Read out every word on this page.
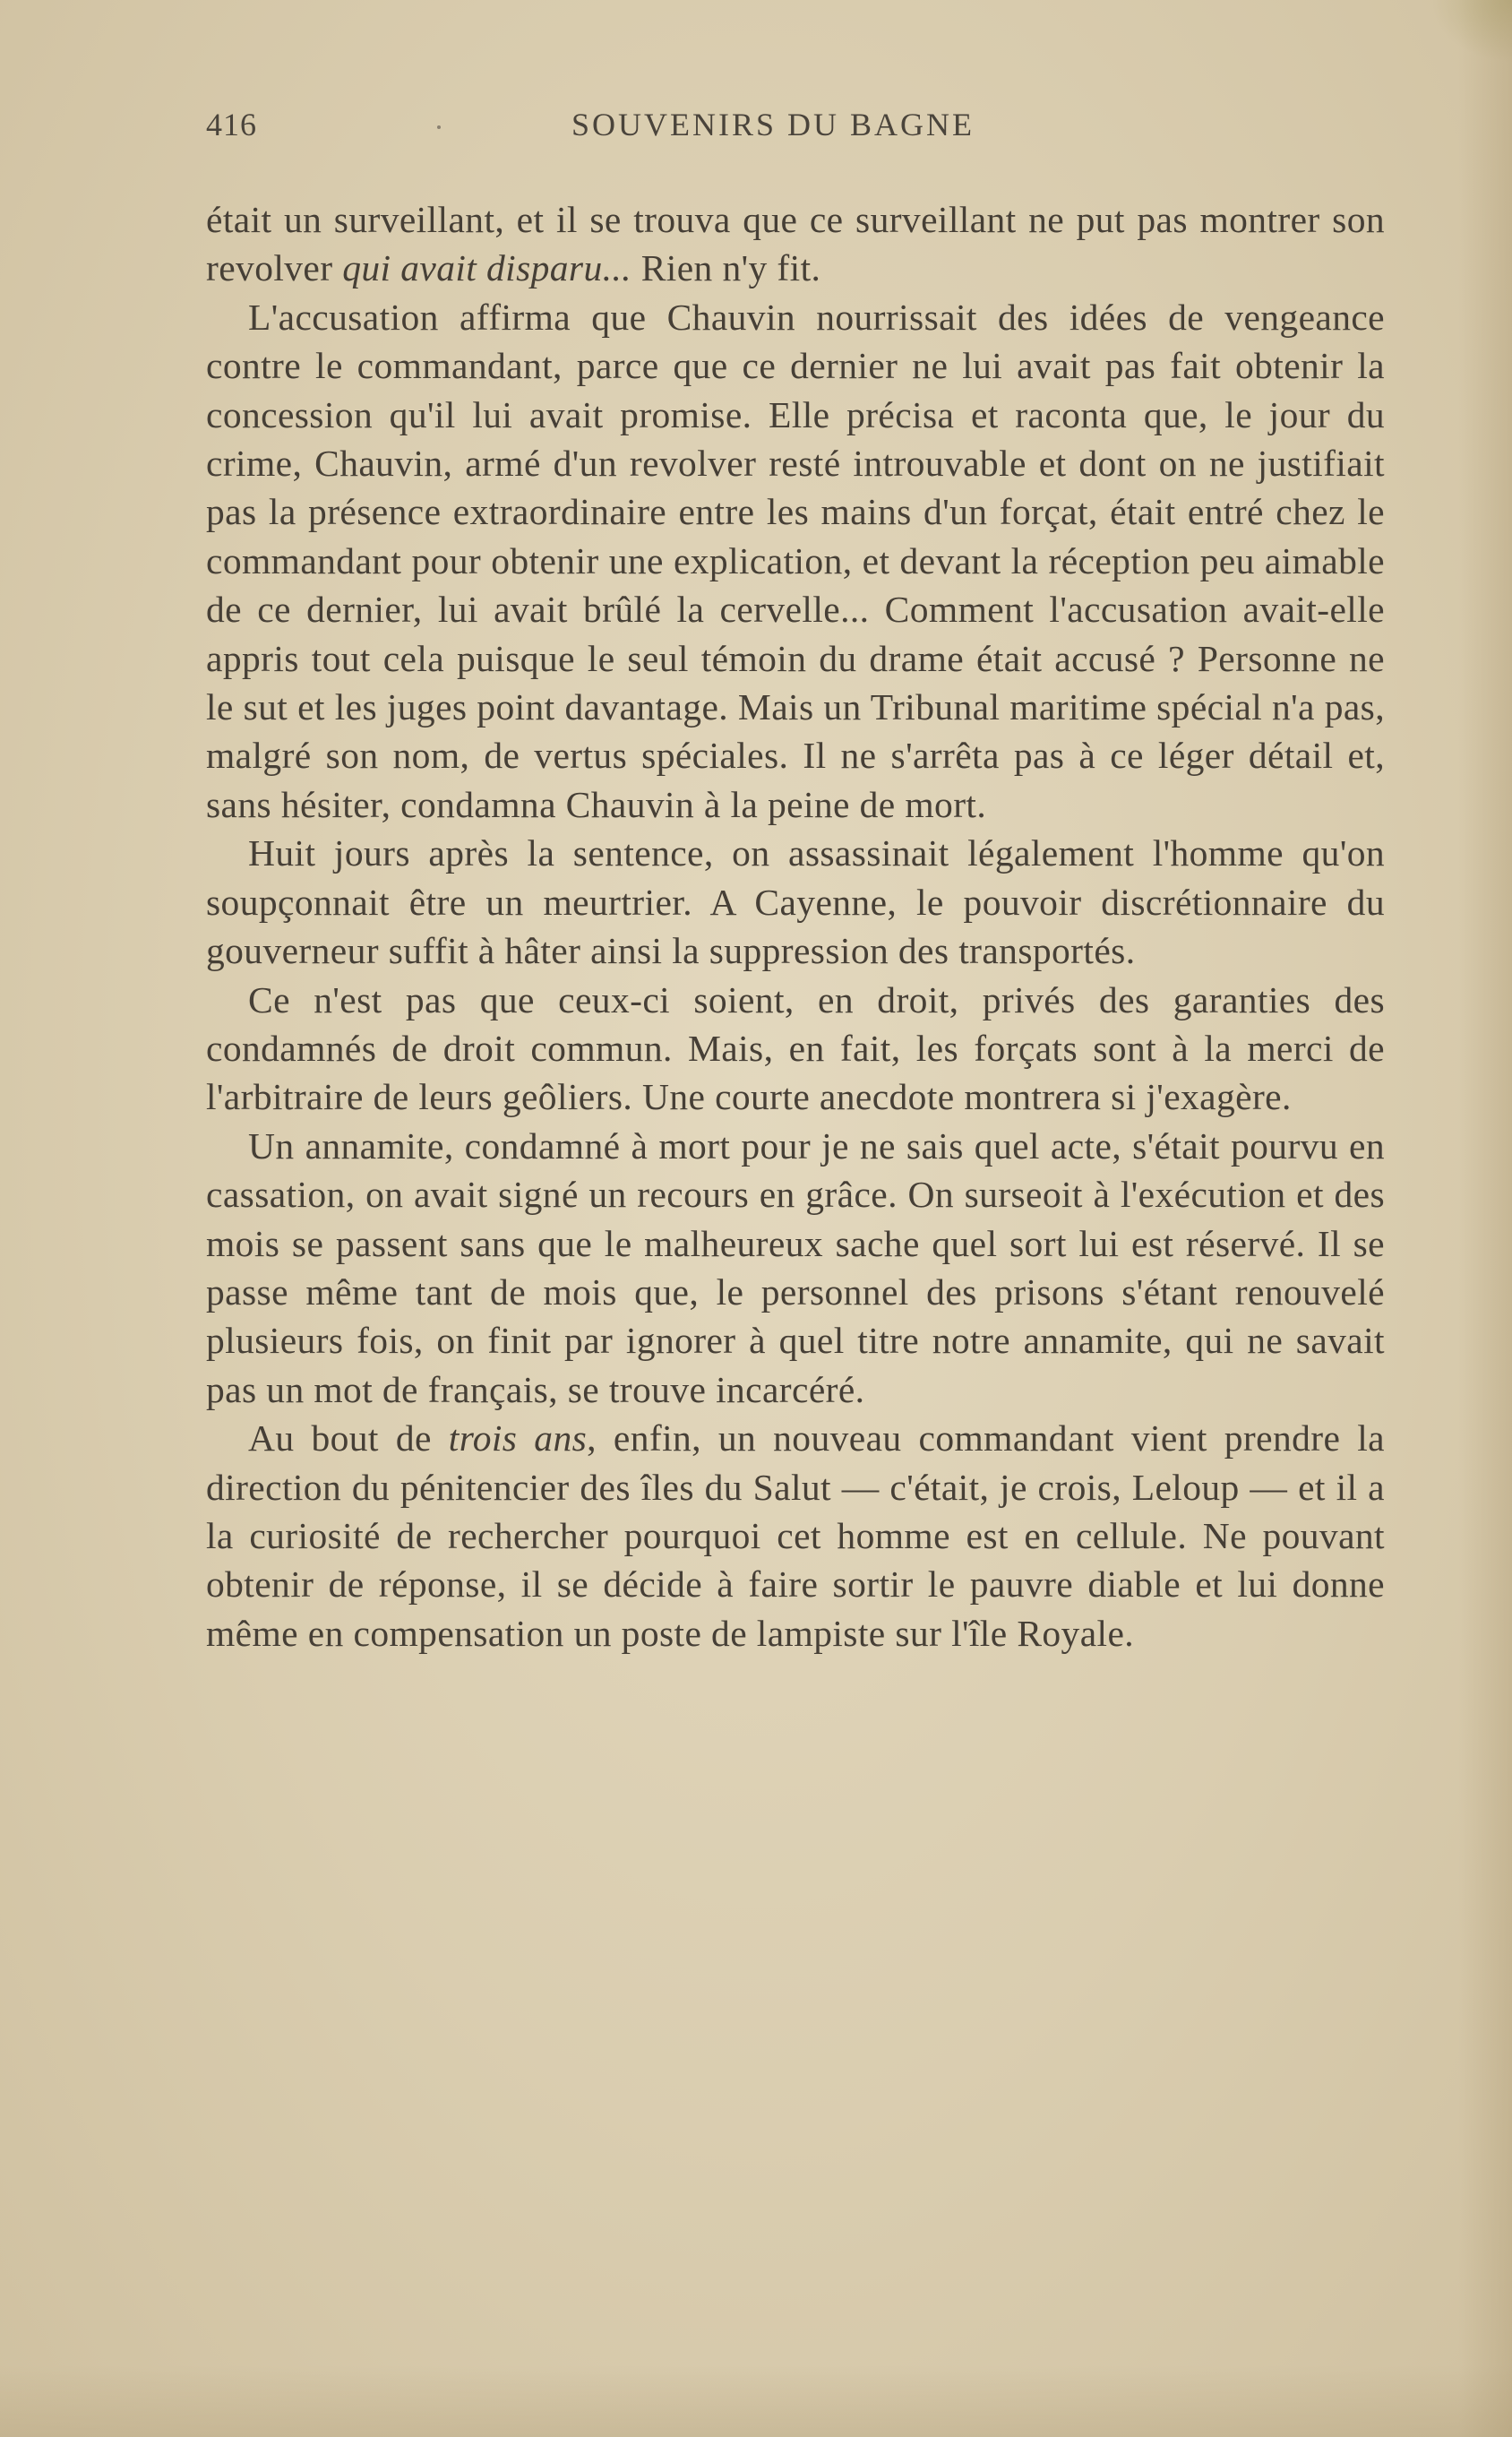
416	SOUVENIRS DU BAGNE

était un surveillant, et il se trouva que ce surveillant ne put pas montrer son revolver qui avait disparu... Rien n'y fit.

L'accusation affirma que Chauvin nourrissait des idées de vengeance contre le commandant, parce que ce dernier ne lui avait pas fait obtenir la concession qu'il lui avait promise. Elle précisa et raconta que, le jour du crime, Chauvin, armé d'un revolver resté introuvable et dont on ne justifiait pas la présence extraordinaire entre les mains d'un forçat, était entré chez le commandant pour obtenir une explication, et devant la réception peu aimable de ce dernier, lui avait brûlé la cervelle... Comment l'accusation avait-elle appris tout cela puisque le seul témoin du drame était accusé ? Personne ne le sut et les juges point davantage. Mais un Tribunal maritime spécial n'a pas, malgré son nom, de vertus spéciales. Il ne s'arrêta pas à ce léger détail et, sans hésiter, condamna Chauvin à la peine de mort.

Huit jours après la sentence, on assassinait légalement l'homme qu'on soupçonnait être un meurtrier. A Cayenne, le pouvoir discrétionnaire du gouverneur suffit à hâter ainsi la suppression des transportés.

Ce n'est pas que ceux-ci soient, en droit, privés des garanties des condamnés de droit commun. Mais, en fait, les forçats sont à la merci de l'arbitraire de leurs geôliers. Une courte anecdote montrera si j'exagère.

Un annamite, condamné à mort pour je ne sais quel acte, s'était pourvu en cassation, on avait signé un recours en grâce. On surseoit à l'exécution et des mois se passent sans que le malheureux sache quel sort lui est réservé. Il se passe même tant de mois que, le personnel des prisons s'étant renouvelé plusieurs fois, on finit par ignorer à quel titre notre annamite, qui ne savait pas un mot de français, se trouve incarcéré.

Au bout de trois ans, enfin, un nouveau commandant vient prendre la direction du pénitencier des îles du Salut — c'était, je crois, Leloup — et il a la curiosité de rechercher pourquoi cet homme est en cellule. Ne pouvant obtenir de réponse, il se décide à faire sortir le pauvre diable et lui donne même en compensation un poste de lampiste sur l'île Royale.
